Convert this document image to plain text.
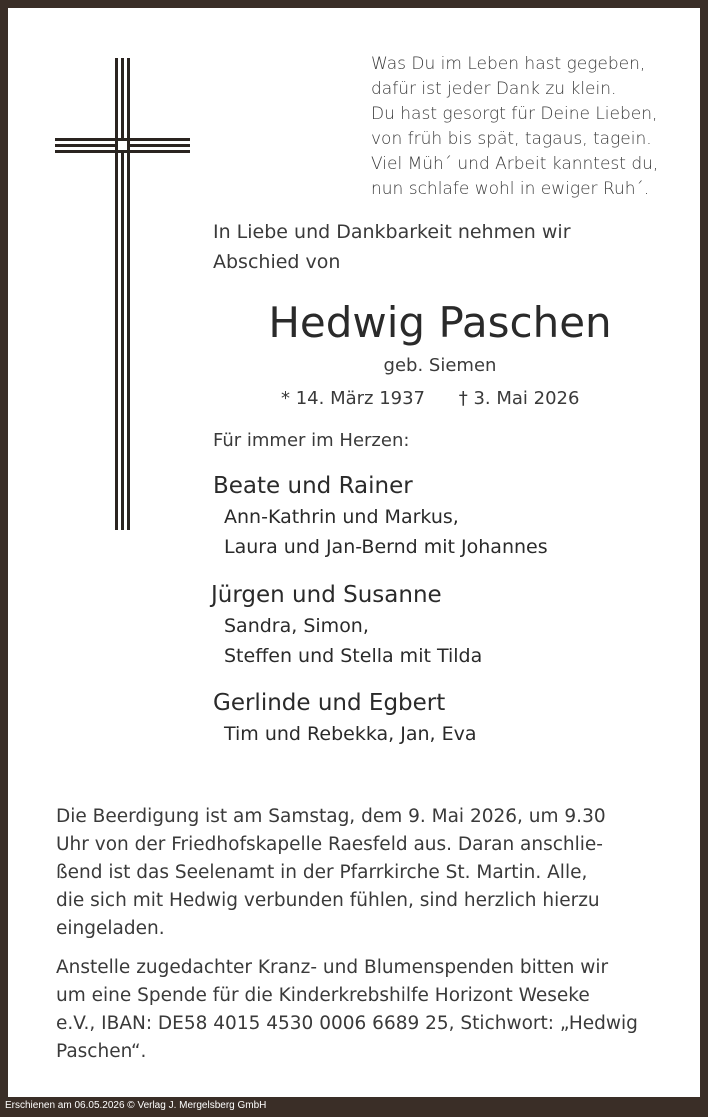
Was Du im Leben hast gegeben,
dafür ist jeder Dank zu klein.
Du hast gesorgt für Deine Lieben,
von früh bis spät, tagaus, tagein.
Viel Müh´ und Arbeit kanntest du,
nun schlafe wohl in ewiger Ruh´.
In Liebe und Dankbarkeit nehmen wir
Abschied von
Hedwig Paschen
geb. Siemen
* 14. März 1937 † 3. Mai 2026
Für immer im Herzen:
Beate und Rainer
Ann-Kathrin und Markus,
Laura und Jan-Bernd mit Johannes
Jürgen und Susanne
Sandra, Simon,
Steffen und Stella mit Tilda
Gerlinde und Egbert
Tim und Rebekka, Jan, Eva
Die Beerdigung ist am Samstag, dem 9. Mai 2026, um 9.30
Uhr von der Friedhofskapelle Raesfeld aus. Daran anschlie-
ßend ist das Seelenamt in der Pfarrkirche St. Martin. Alle,
die sich mit Hedwig verbunden fühlen, sind herzlich hierzu
eingeladen.
Anstelle zugedachter Kranz- und Blumenspenden bitten wir
um eine Spende für die Kinderkrebshilfe Horizont Weseke
e.V., IBAN: DE58 4015 4530 0006 6689 25, Stichwort: „Hedwig
Paschen“.
Erschienen am 06.05.2026 © Verlag J. Mergelsberg GmbH
